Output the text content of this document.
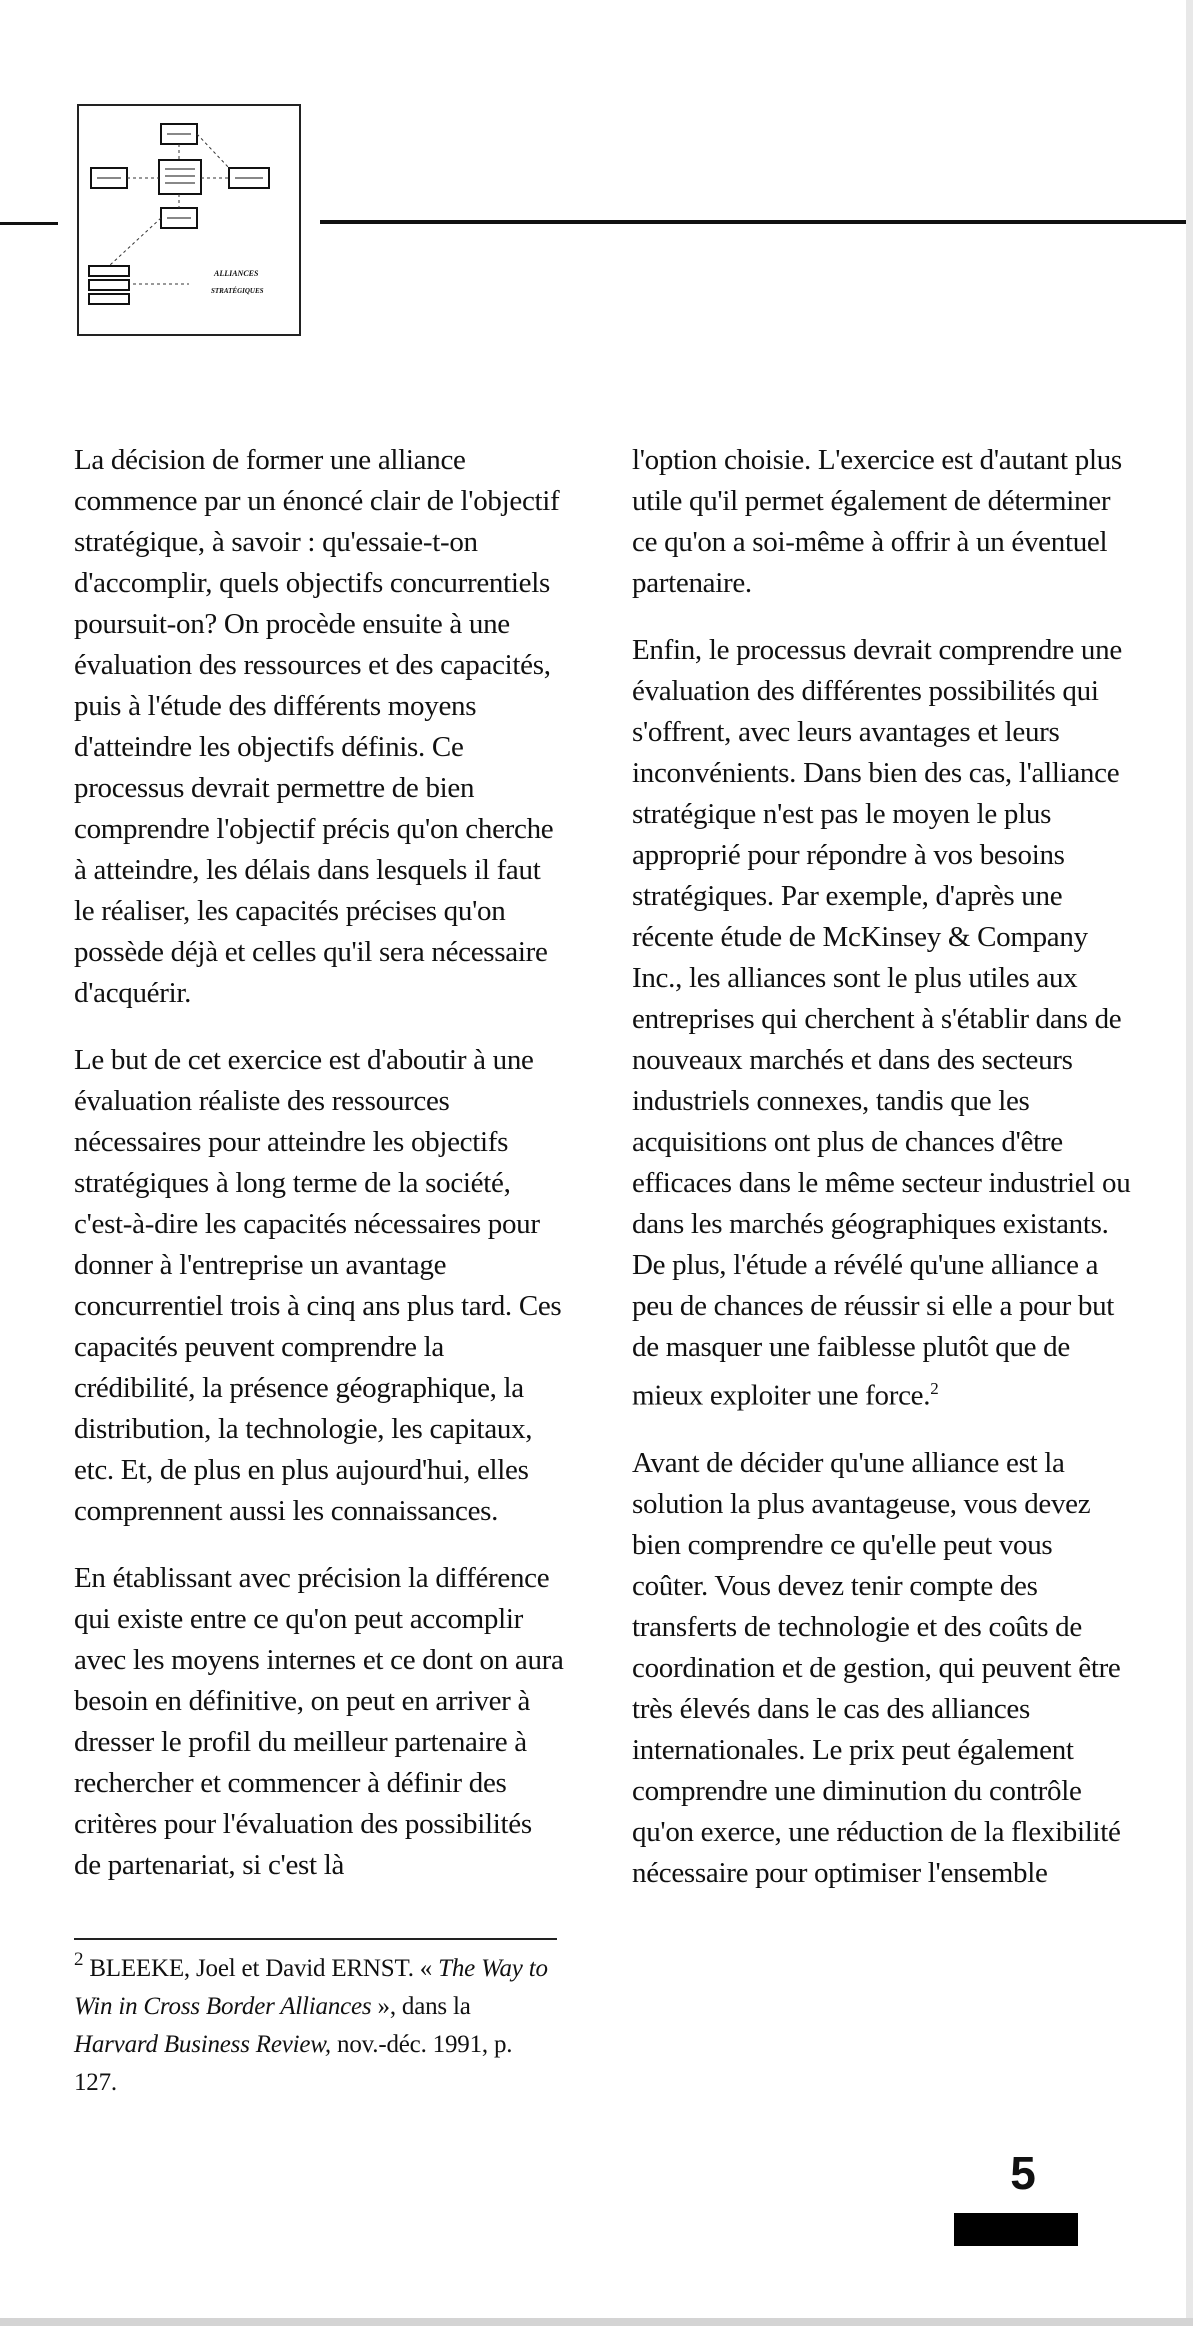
ALLIANCES
STRATÉGIQUES

La décision de former une alliance commence par un énoncé clair de l'objectif stratégique, à savoir : qu'essaie-t-on d'accomplir, quels objectifs concurrentiels poursuit-on? On procède ensuite à une évaluation des ressources et des capacités, puis à l'étude des différents moyens d'atteindre les objectifs définis. Ce processus devrait permettre de bien comprendre l'objectif précis qu'on cherche à atteindre, les délais dans lesquels il faut le réaliser, les capacités précises qu'on possède déjà et celles qu'il sera nécessaire d'acquérir.

Le but de cet exercice est d'aboutir à une évaluation réaliste des ressources nécessaires pour atteindre les objectifs stratégiques à long terme de la société, c'est-à-dire les capacités nécessaires pour donner à l'entreprise un avantage concurrentiel trois à cinq ans plus tard. Ces capacités peuvent comprendre la crédibilité, la présence géographique, la distribution, la technologie, les capitaux, etc. Et, de plus en plus aujourd'hui, elles comprennent aussi les connaissances.

En établissant avec précision la différence qui existe entre ce qu'on peut accomplir avec les moyens internes et ce dont on aura besoin en définitive, on peut en arriver à dresser le profil du meilleur partenaire à rechercher et commencer à définir des critères pour l'évaluation des possibilités de partenariat, si c'est là

l'option choisie. L'exercice est d'autant plus utile qu'il permet également de déterminer ce qu'on a soi-même à offrir à un éventuel partenaire.

Enfin, le processus devrait comprendre une évaluation des différentes possibilités qui s'offrent, avec leurs avantages et leurs inconvénients. Dans bien des cas, l'alliance stratégique n'est pas le moyen le plus approprié pour répondre à vos besoins stratégiques. Par exemple, d'après une récente étude de McKinsey & Company Inc., les alliances sont le plus utiles aux entreprises qui cherchent à s'établir dans de nouveaux marchés et dans des secteurs industriels connexes, tandis que les acquisitions ont plus de chances d'être efficaces dans le même secteur industriel ou dans les marchés géographiques existants. De plus, l'étude a révélé qu'une alliance a peu de chances de réussir si elle a pour but de masquer une faiblesse plutôt que de mieux exploiter une force.$^2$

Avant de décider qu'une alliance est la solution la plus avantageuse, vous devez bien comprendre ce qu'elle peut vous coûter. Vous devez tenir compte des transferts de technologie et des coûts de coordination et de gestion, qui peuvent être très élevés dans le cas des alliances internationales. Le prix peut également comprendre une diminution du contrôle qu'on exerce, une réduction de la flexibilité nécessaire pour optimiser l'ensemble

$^2$ BLEEKE, Joel et David ERNST. « The Way to Win in Cross Border Alliances », dans la Harvard Business Review, nov.-déc. 1991, p. 127.
5
